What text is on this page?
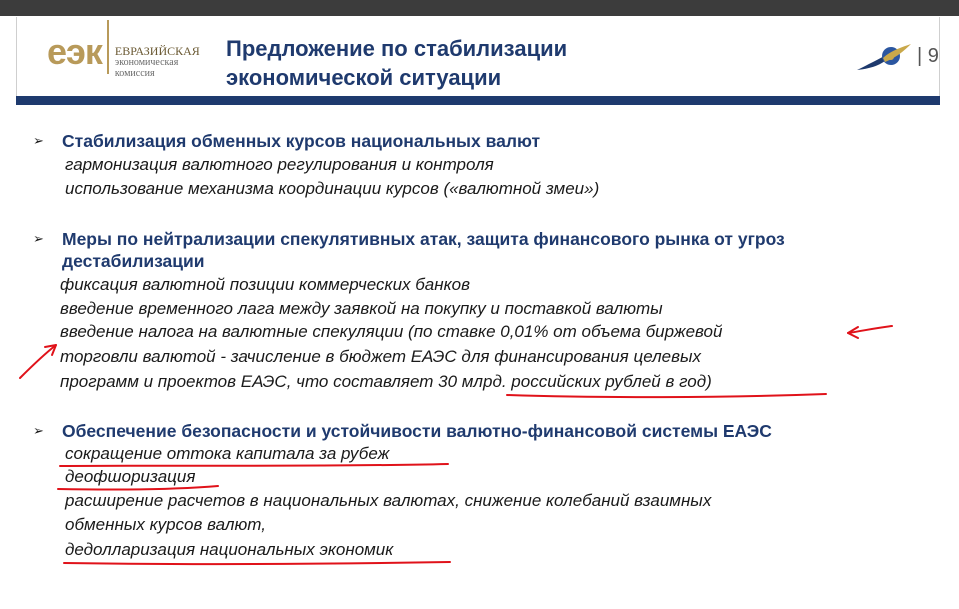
еэк ЕВРАЗИЙСКАЯ
экономическая
комиссия
Предложение по стабилизации
экономической ситуации
| 9
➢ Стабилизация обменных курсов национальных валют
гармонизация валютного регулирования и контроля
использование механизма координации курсов («валютной змеи»)
➢ Меры по нейтрализации спекулятивных атак, защита финансового рынка от угроз
дестабилизации
фиксация валютной позиции коммерческих банков
введение временного лага между заявкой на покупку и поставкой валюты
введение налога на валютные спекуляции (по ставке 0,01% от объема биржевой
торговли валютой - зачисление в бюджет ЕАЭС для финансирования целевых
программ и проектов ЕАЭС, что составляет 30 млрд. российских рублей в год)
➢ Обеспечение безопасности и устойчивости валютно-финансовой системы ЕАЭС
сокращение оттока капитала за рубеж
деофшоризация
расширение расчетов в национальных валютах, снижение колебаний взаимных
обменных курсов валют,
дедолларизация национальных экономик
